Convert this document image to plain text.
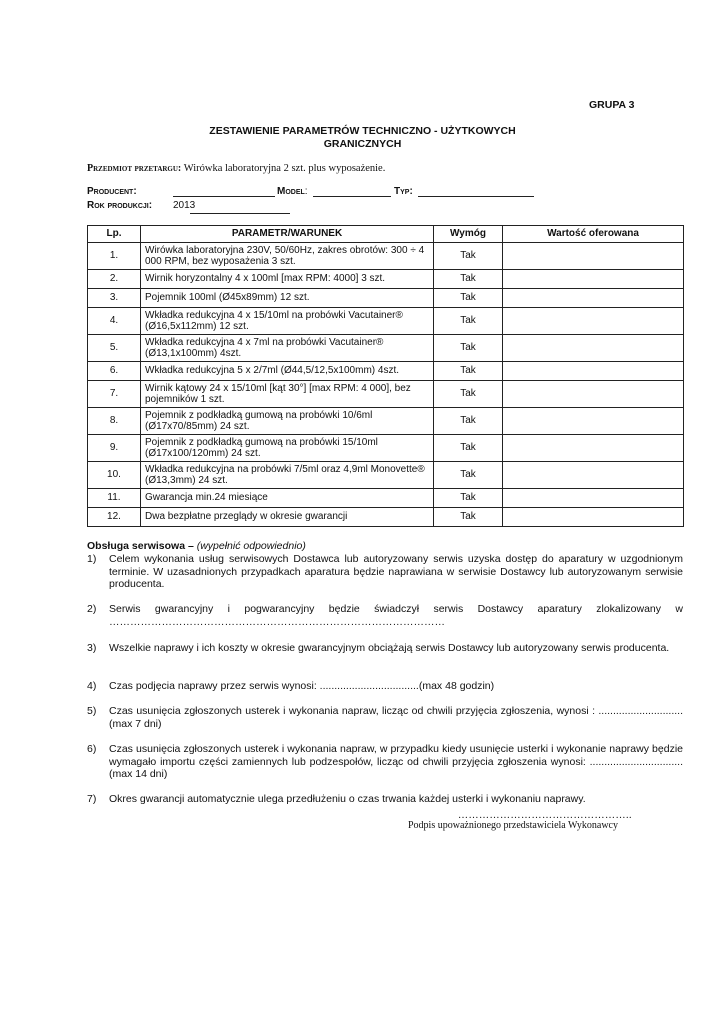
GRUPA 3
ZESTAWIENIE PARAMETRÓW TECHNICZNO - UŻYTKOWYCH
GRANICZNYCH
Przedmiot przetargu: Wirówka laboratoryjna 2 szt. plus wyposażenie.
Producent:	Model:	Typ:
Rok produkcji: 2013
Lp.	PARAMETR/WARUNEK	Wymóg	Wartość oferowana
1.	Wirówka laboratoryjna 230V, 50/60Hz, zakres obrotów: 300 ÷ 4 000 RPM, bez wyposażenia 3 szt.	Tak	
2.	Wirnik horyzontalny 4 x 100ml [max RPM: 4000] 3 szt.	Tak	
3.	Pojemnik 100ml (Ø45x89mm) 12 szt.	Tak	
4.	Wkładka redukcyjna 4 x 15/10ml na probówki Vacutainer® (Ø16,5x112mm) 12 szt.	Tak	
5.	Wkładka redukcyjna 4 x 7ml na probówki Vacutainer® (Ø13,1x100mm) 4szt.	Tak	
6.	Wkładka redukcyjna 5 x 2/7ml (Ø44,5/12,5x100mm) 4szt.	Tak	
7.	Wirnik kątowy 24 x 15/10ml [kąt 30°] [max RPM: 4 000], bez pojemników 1 szt.	Tak	
8.	Pojemnik z podkładką gumową na probówki 10/6ml (Ø17x70/85mm) 24 szt.	Tak	
9.	Pojemnik z podkładką gumową na probówki 15/10ml (Ø17x100/120mm) 24 szt.	Tak	
10.	Wkładka redukcyjna na probówki 7/5ml oraz 4,9ml Monovette® (Ø13,3mm) 24 szt.	Tak	
11.	Gwarancja min.24 miesiące	Tak	
12.	Dwa bezpłatne przeglądy w okresie gwarancji	Tak	
Obsługa serwisowa – (wypełnić odpowiednio)
1)	Celem wykonania usług serwisowych Dostawca lub autoryzowany serwis uzyska dostęp do aparatury w uzgodnionym terminie. W uzasadnionych przypadkach aparatura będzie naprawiana w serwisie Dostawcy lub autoryzowanym serwisie producenta.
2)	Serwis gwarancyjny i pogwarancyjny będzie świadczył serwis Dostawcy aparatury zlokalizowany w ……………………………………………………………………………………
3)	Wszelkie naprawy i ich koszty w okresie gwarancyjnym obciążają serwis Dostawcy lub autoryzowany serwis producenta.
4)	Czas podjęcia naprawy przez serwis wynosi: ..................................(max 48 godzin)
5)	Czas usunięcia zgłoszonych usterek i wykonania napraw, licząc od chwili przyjęcia zgłoszenia, wynosi : ............................. (max 7 dni)
6)	Czas usunięcia zgłoszonych usterek i wykonania napraw, w przypadku kiedy usunięcie usterki i wykonanie naprawy będzie wymagało importu części zamiennych lub podzespołów, licząc od chwili przyjęcia zgłoszenia wynosi: ................................(max 14 dni)
7)	Okres gwarancji automatycznie ulega przedłużeniu o czas trwania każdej usterki i wykonaniu naprawy.
…………………………………………..
Podpis upoważnionego przedstawiciela Wykonawcy
